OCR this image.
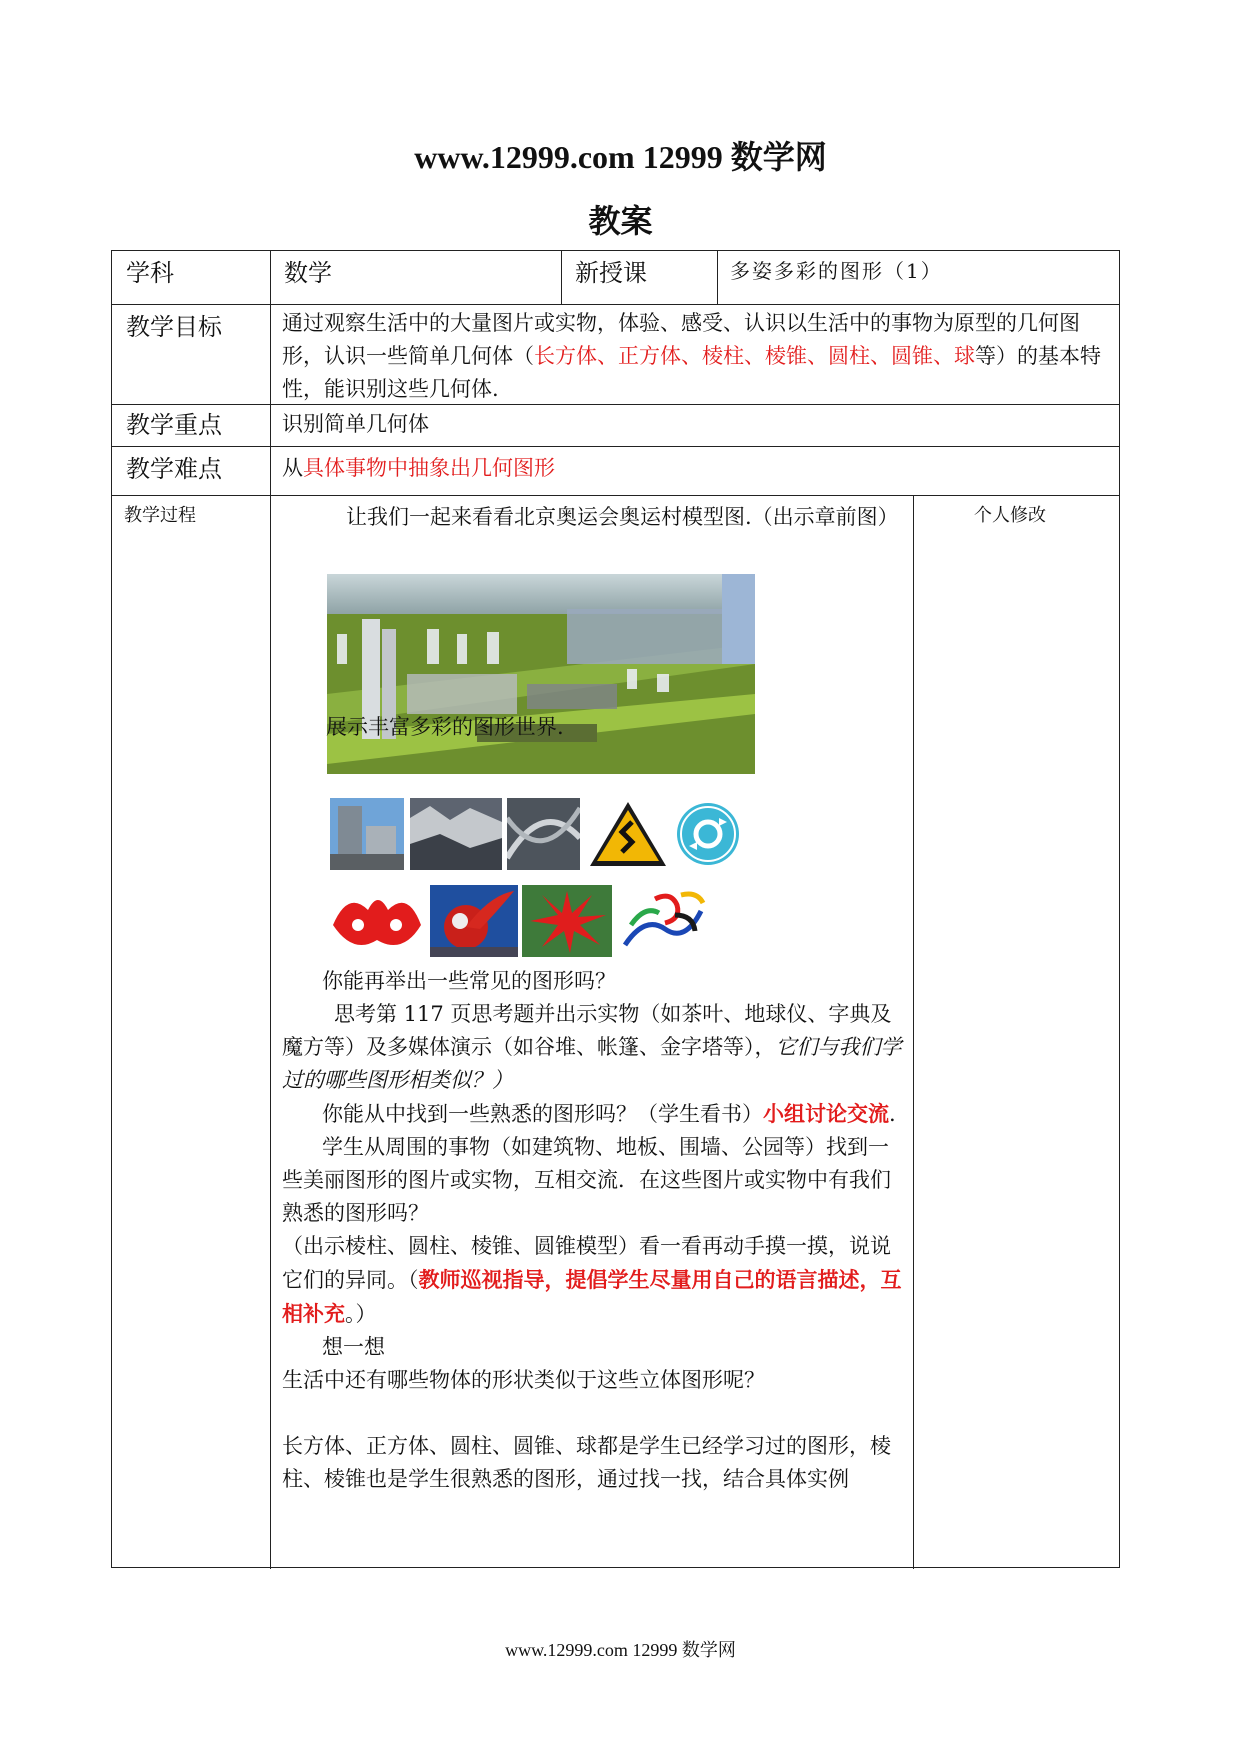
www.12999.com 12999 数学网
教案
学科	数学	新授课	多姿多彩的图形（1）
教学目标	通过观察生活中的大量图片或实物，体验、感受、认识以生活中的事物为原型的几何图形，认识一些简单几何体（长方体、正方体、棱柱、棱锥、圆柱、圆锥、球等）的基本特性，能识别这些几何体.
教学重点	识别简单几何体
教学难点	从具体事物中抽象出几何图形
教学过程	个人修改

让我们一起来看看北京奥运会奥运村模型图.（出示章前图）

展示丰富多彩的图形世界.

你能再举出一些常见的图形吗？

思考第 117 页思考题并出示实物（如茶叶、地球仪、字典及魔方等）及多媒体演示（如谷堆、帐篷、金字塔等），它们与我们学过的哪些图形相类似？）

你能从中找到一些熟悉的图形吗？（学生看书）小组讨论交流.

学生从周围的事物（如建筑物、地板、围墙、公园等）找到一些美丽图形的图片或实物，互相交流．在这些图片或实物中有我们熟悉的图形吗？

（出示棱柱、圆柱、棱锥、圆锥模型）看一看再动手摸一摸，说说它们的异同。（教师巡视指导，提倡学生尽量用自己的语言描述，互相补充。）

想一想

生活中还有哪些物体的形状类似于这些立体图形呢？

长方体、正方体、圆柱、圆锥、球都是学生已经学习过的图形，棱柱、棱锥也是学生很熟悉的图形，通过找一找，结合具体实例

www.12999.com 12999 数学网
